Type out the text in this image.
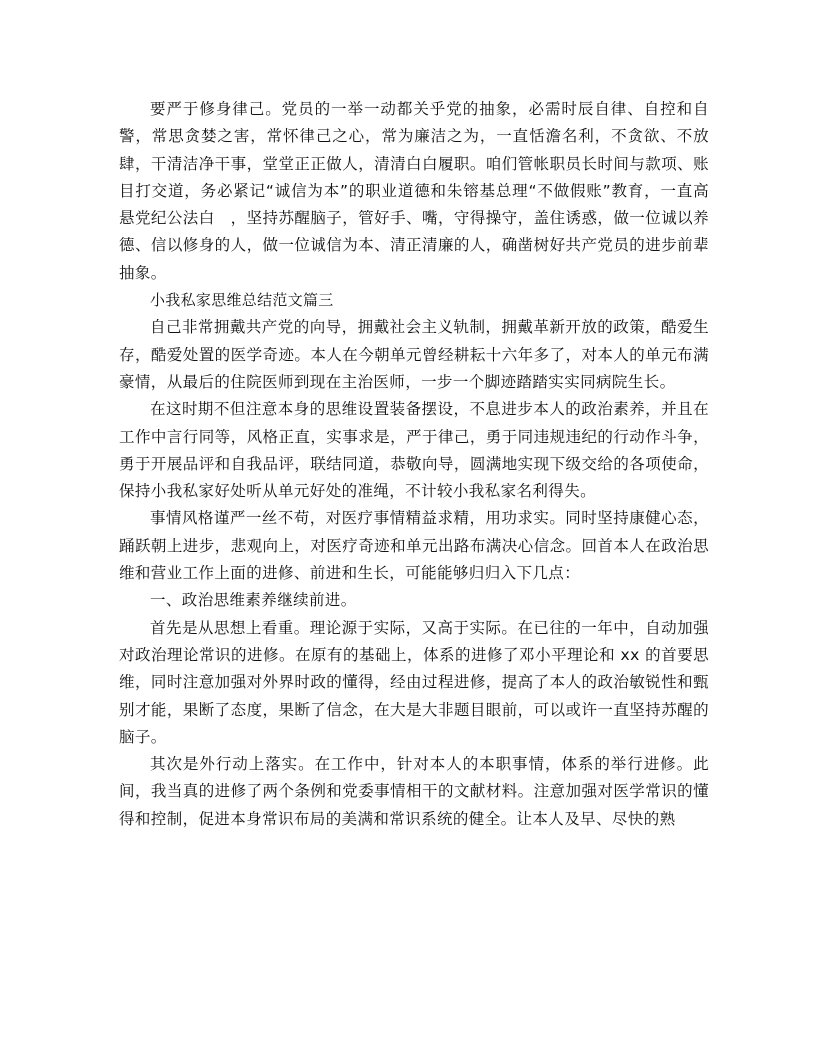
要严于修身律己。党员的一举一动都关乎党的抽象，必需时辰自律、自控和自警，常思贪婪之害，常怀律己之心，常为廉洁之为，一直恬澹名利，不贪欲、不放肆，干清洁净干事，堂堂正正做人，清清白白履职。咱们管帐职员长时间与款项、账目打交道，务必紧记“诚信为本”的职业道德和朱镕基总理“不做假账”教育，一直高悬党纪公法白　，坚持苏醒脑子，管好手、嘴，守得操守，盖住诱惑，做一位诚以养德、信以修身的人，做一位诚信为本、清正清廉的人，确凿树好共产党员的进步前辈抽象。

小我私家思维总结范文篇三

自己非常拥戴共产党的向导，拥戴社会主义轨制，拥戴革新开放的政策，酷爱生存，酷爱处置的医学奇迹。本人在今朝单元曾经耕耘十六年多了，对本人的单元布满豪情，从最后的住院医师到现在主治医师，一步一个脚迹踏踏实实同病院生长。

在这时期不但注意本身的思维设置装备摆设，不息进步本人的政治素养，并且在工作中言行同等，风格正直，实事求是，严于律己，勇于同违规违纪的行动作斗争，勇于开展品评和自我品评，联结同道，恭敬向导，圆满地实现下级交给的各项使命，保持小我私家好处听从单元好处的准绳，不计较小我私家名利得失。

事情风格谨严一丝不苟，对医疗事情精益求精，用功求实。同时坚持康健心态，踊跃朝上进步，悲观向上，对医疗奇迹和单元出路布满决心信念。回首本人在政治思维和营业工作上面的进修、前进和生长，可能能够归归入下几点：

一、政治思维素养继续前进。

首先是从思想上看重。理论源于实际，又高于实际。在已往的一年中，自动加强对政治理论常识的进修。在原有的基础上，体系的进修了邓小平理论和 xx 的首要思维，同时注意加强对外界时政的懂得，经由过程进修，提高了本人的政治敏锐性和甄别才能，果断了态度，果断了信念，在大是大非题目眼前，可以或许一直坚持苏醒的脑子。

其次是外行动上落实。在工作中，针对本人的本职事情，体系的举行进修。此间，我当真的进修了两个条例和党委事情相干的文献材料。注意加强对医学常识的懂得和控制，促进本身常识布局的美满和常识系统的健全。让本人及早、尽快的熟
